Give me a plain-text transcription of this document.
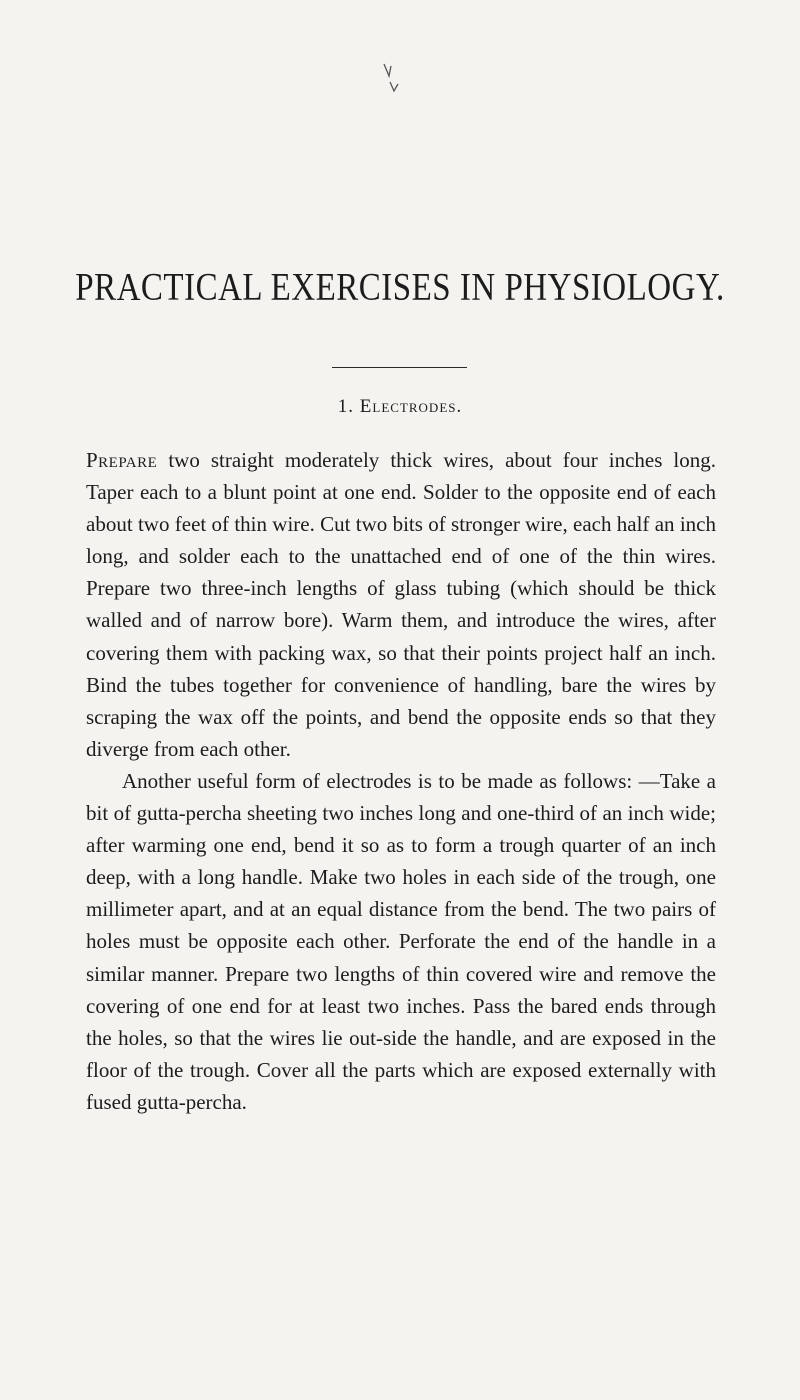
PRACTICAL EXERCISES IN PHYSIOLOGY.
1. Electrodes.

Prepare two straight moderately thick wires, about four inches long. Taper each to a blunt point at one end. Solder to the opposite end of each about two feet of thin wire. Cut two bits of stronger wire, each half an inch long, and solder each to the unattached end of one of the thin wires. Prepare two three-inch lengths of glass tubing (which should be thick walled and of narrow bore). Warm them, and introduce the wires, after covering them with packing wax, so that their points project half an inch. Bind the tubes together for convenience of handling, bare the wires by scraping the wax off the points, and bend the opposite ends so that they diverge from each other.

Another useful form of electrodes is to be made as follows: —Take a bit of gutta-percha sheeting two inches long and one-third of an inch wide; after warming one end, bend it so as to form a trough quarter of an inch deep, with a long handle. Make two holes in each side of the trough, one millimeter apart, and at an equal distance from the bend. The two pairs of holes must be opposite each other. Perforate the end of the handle in a similar manner. Prepare two lengths of thin covered wire and remove the covering of one end for at least two inches. Pass the bared ends through the holes, so that the wires lie out-side the handle, and are exposed in the floor of the trough. Cover all the parts which are exposed externally with fused gutta-percha.
